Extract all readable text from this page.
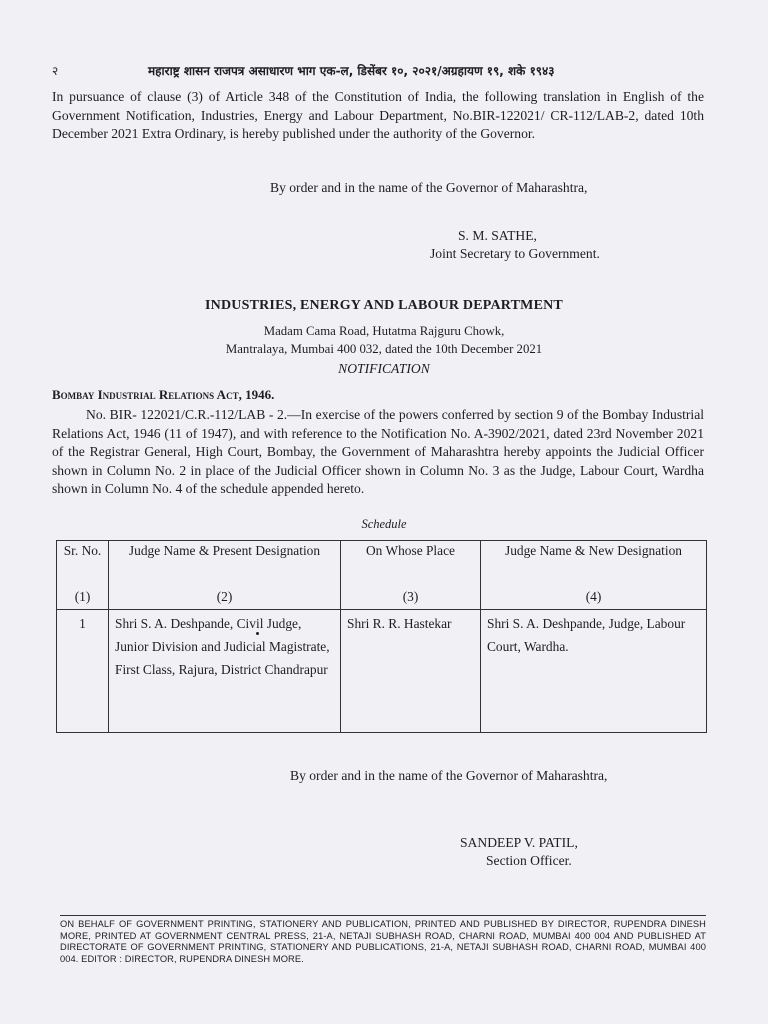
२	महाराष्ट्र शासन राजपत्र असाधारण भाग एक-ल, डिसेंबर १०, २०२१/अग्रहायण १९, शके १९४३
In pursuance of clause (3) of Article 348 of the Constitution of India, the following translation in English of the Government Notification, Industries, Energy and Labour Department, No.BIR-122021/ CR-112/LAB-2, dated 10th December 2021 Extra Ordinary, is hereby published under the authority of the Governor.
By order and in the name of the Governor of Maharashtra,
S. M. SATHE,
Joint Secretary to Government.
INDUSTRIES, ENERGY AND LABOUR DEPARTMENT
Madam Cama Road, Hutatma Rajguru Chowk,
Mantralaya, Mumbai 400 032, dated the 10th December 2021
NOTIFICATION
Bombay Industrial Relations Act, 1946.
No. BIR- 122021/C.R.-112/LAB - 2.—In exercise of the powers conferred by section 9 of the Bombay Industrial Relations Act, 1946 (11 of 1947), and with reference to the Notification No. A-3902/2021, dated 23rd November 2021 of the Registrar General, High Court, Bombay, the Government of Maharashtra hereby appoints the Judicial Officer shown in Column No. 2 in place of the Judicial Officer shown in Column No. 3 as the Judge, Labour Court, Wardha shown in Column No. 4 of the schedule appended hereto.
Schedule
Sr. No.	Judge Name & Present Designation	On Whose Place	Judge Name & New Designation
(1)	(2)	(3)	(4)
1	Shri S. A. Deshpande, Civil Judge, Junior Division and Judicial Magistrate, First Class, Rajura, District Chandrapur	Shri R. R. Hastekar	Shri S. A. Deshpande, Judge, Labour Court, Wardha.
By order and in the name of the Governor of Maharashtra,
SANDEEP V. PATIL,
Section Officer.
ON BEHALF OF GOVERNMENT PRINTING, STATIONERY AND PUBLICATION, PRINTED AND PUBLISHED BY DIRECTOR, RUPENDRA DINESH MORE, PRINTED AT GOVERNMENT CENTRAL PRESS, 21-A, NETAJI SUBHASH ROAD, CHARNI ROAD, MUMBAI 400 004 AND PUBLISHED AT DIRECTORATE OF GOVERNMENT PRINTING, STATIONERY AND PUBLICATIONS, 21-A, NETAJI SUBHASH ROAD, CHARNI ROAD, MUMBAI 400 004. EDITOR : DIRECTOR, RUPENDRA DINESH MORE.
